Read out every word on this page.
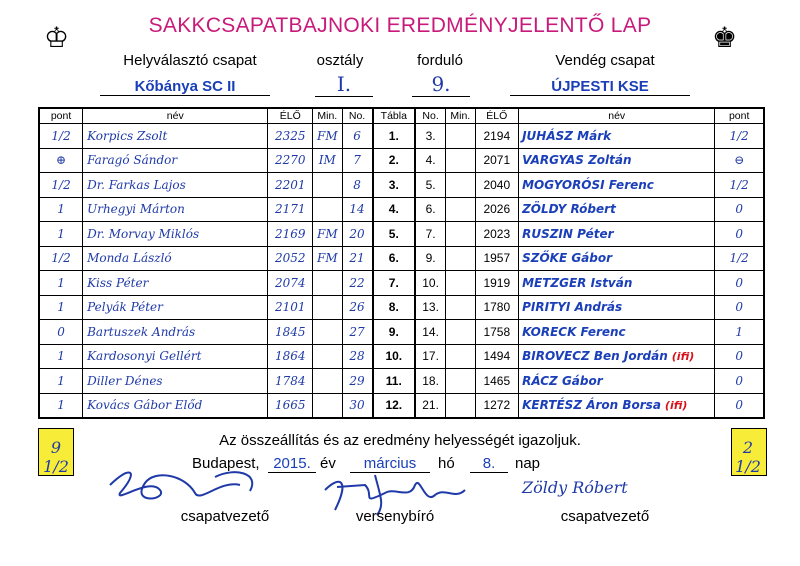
SAKKCSAPATBAJNOKI EREDMÉNYJELENTŐ LAP
♔	♚
Helyválasztó csapat	osztály	forduló	Vendég csapat
Kőbánya SC II	I.	9.	ÚJPESTI KSE
pont	név	ÉLŐ	Min.	No.	Tábla	No.	Min.	ÉLŐ	név	pont
1/2	Korpics Zsolt	2325	FM	6	1.	3.		2194	JUHÁSZ Márk	1/2
⊕	Faragó Sándor	2270	IM	7	2.	4.		2071	VARGYAS Zoltán	⊖
1/2	Dr. Farkas Lajos	2201		8	3.	5.		2040	MOGYORÓSI Ferenc	1/2
1	Urhegyi Márton	2171		14	4.	6.		2026	ZÖLDY Róbert	0
1	Dr. Morvay Miklós	2169	FM	20	5.	7.		2023	RUSZIN Péter	0
1/2	Monda László	2052	FM	21	6.	9.		1957	SZŐKE Gábor	1/2
1	Kiss Péter	2074		22	7.	10.		1919	METZGER István	0
1	Pelyák Péter	2101		26	8.	13.		1780	PIRITYI András	0
0	Bartuszek András	1845		27	9.	14.		1758	KORECK Ferenc	1
1	Kardosonyi Gellért	1864		28	10.	17.		1494	BIROVECZ Ben Jordán (ifi)	0
1	Diller Dénes	1784		29	11.	18.		1465	RÁCZ Gábor	0
1	Kovács Gábor Előd	1665		30	12.	21.		1272	KERTÉSZ Áron Borsa (ifi)	0
9 1/2
2 1/2
Az összeállítás és az eredmény helyességét igazoljuk.
Budapest, 2015. év	március	hó	8.	nap
Zöldy Róbert
csapatvezető	versenybíró	csapatvezető
